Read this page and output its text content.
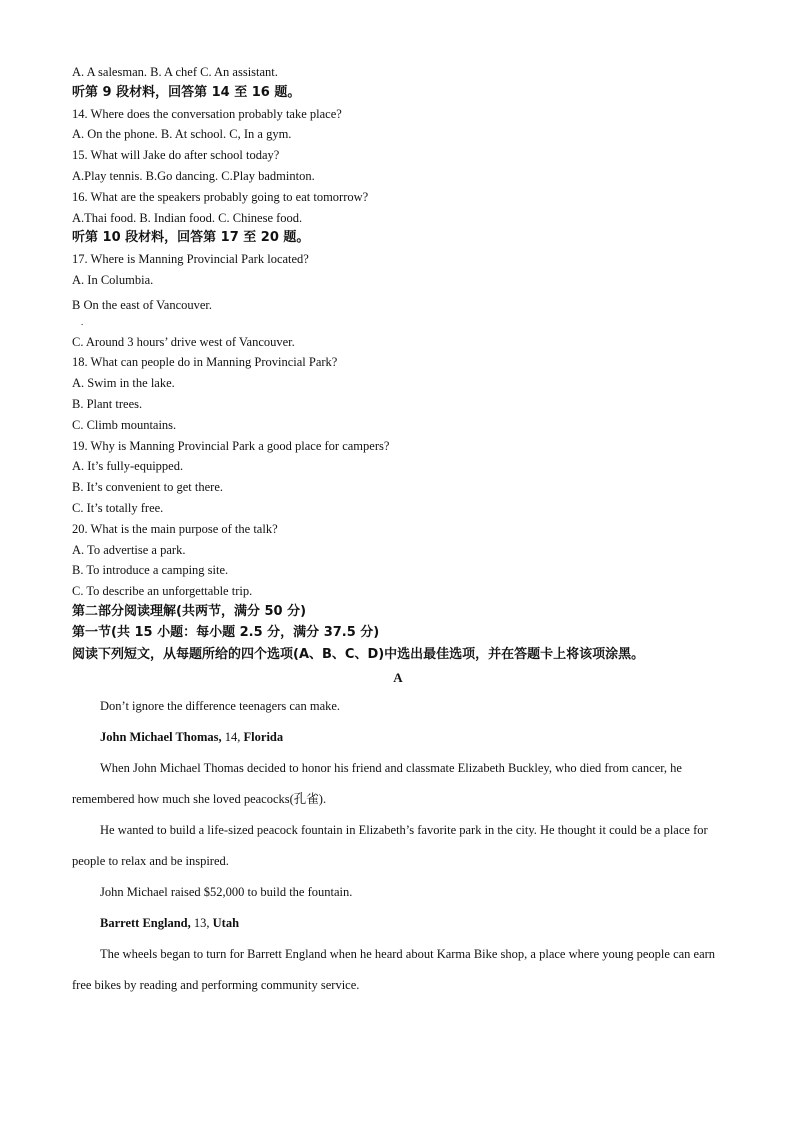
A. A salesman. B. A chef C. An assistant.
听第 9 段材料，回答第 14 至 16 题。
14. Where does the conversation probably take place?
A. On the phone. B. At school. C, In a gym.
15. What will Jake do after school today?
A.Play tennis. B.Go dancing. C.Play badminton.
16. What are the speakers probably going to eat tomorrow?
A.Thai food. B. Indian food. C. Chinese food.
听第 10 段材料，回答第 17 至 20 题。
17. Where is Manning Provincial Park located?
A. In Columbia.
B On the east of Vancouver.
.
C. Around 3 hours’ drive west of Vancouver.
18. What can people do in Manning Provincial Park?
A. Swim in the lake.
B. Plant trees.
C. Climb mountains.
19. Why is Manning Provincial Park a good place for campers?
A. It’s fully-equipped.
B. It’s convenient to get there.
C. It’s totally free.
20. What is the main purpose of the talk?
A. To advertise a park.
B. To introduce a camping site.
C. To describe an unforgettable trip.
第二部分阅读理解(共两节，满分 50 分)
第一节(共 15 小题：每小题 2.5 分，满分 37.5 分)
阅读下列短文，从每题所给的四个选项(A、B、C、D)中选出最佳选项，并在答题卡上将该项涂黑。
A
Don’t ignore the difference teenagers can make.
John Michael Thomas, 14, Florida
When John Michael Thomas decided to honor his friend and classmate Elizabeth Buckley, who died from cancer, he remembered how much she loved peacocks(孔雀).
He wanted to build a life-sized peacock fountain in Elizabeth’s favorite park in the city. He thought it could be a place for people to relax and be inspired.
John Michael raised $52,000 to build the fountain.
Barrett England, 13, Utah
The wheels began to turn for Barrett England when he heard about Karma Bike shop, a place where young people can earn free bikes by reading and performing community service.
